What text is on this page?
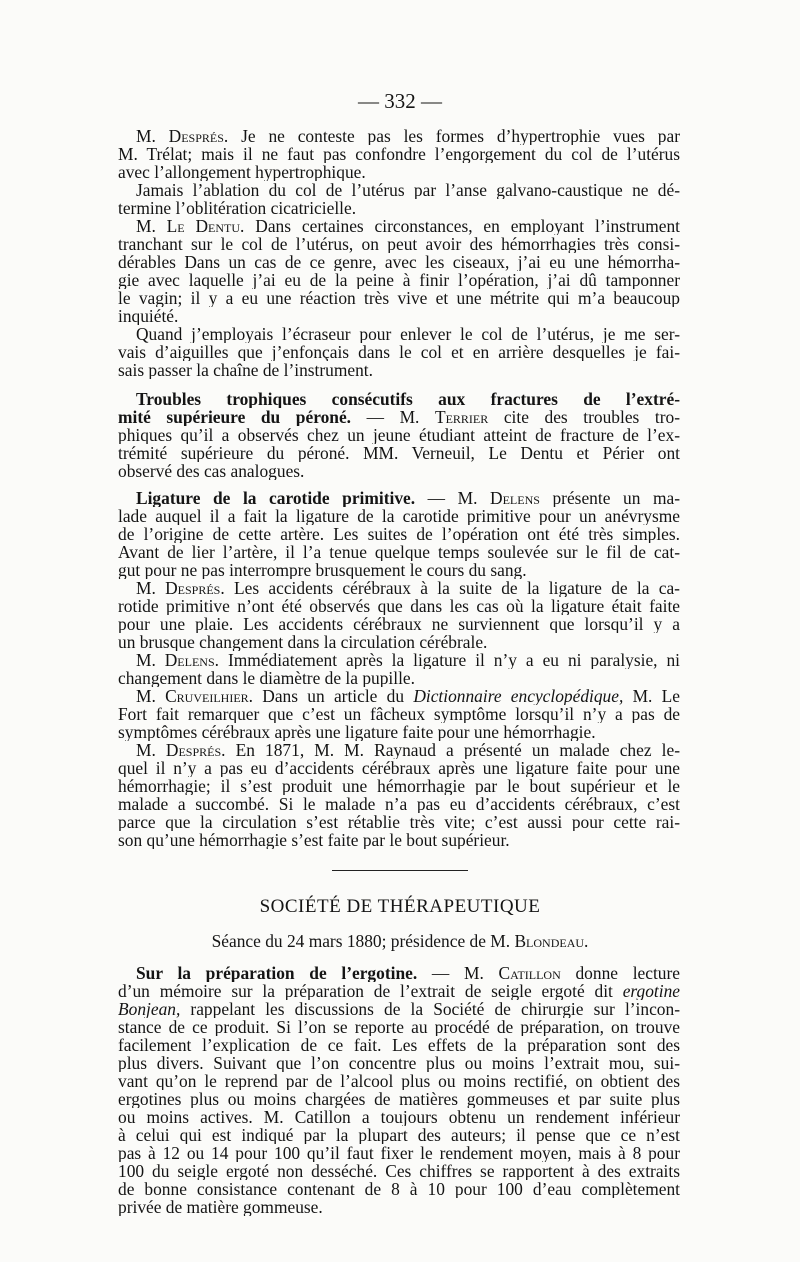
— 332 —
M. Després. Je ne conteste pas les formes d’hypertrophie vues par
M. Trélat; mais il ne faut pas confondre l’engorgement du col de l’utérus
avec l’allongement hypertrophique.
Jamais l’ablation du col de l’utérus par l’anse galvano-caustique ne dé-
termine l’oblitération cicatricielle.
M. Le Dentu. Dans certaines circonstances, en employant l’instrument
tranchant sur le col de l’utérus, on peut avoir des hémorrhagies très consi-
dérables Dans un cas de ce genre, avec les ciseaux, j’ai eu une hémorrha-
gie avec laquelle j’ai eu de la peine à finir l’opération, j’ai dû tamponner
le vagin; il y a eu une réaction très vive et une métrite qui m’a beaucoup
inquiété.
Quand j’employais l’écraseur pour enlever le col de l’utérus, je me ser-
vais d’aiguilles que j’enfonçais dans le col et en arrière desquelles je fai-
sais passer la chaîne de l’instrument.
Troubles trophiques consécutifs aux fractures de l’extré-
mité supérieure du péroné. — M. Terrier cite des troubles tro-
phiques qu’il a observés chez un jeune étudiant atteint de fracture de l’ex-
trémité supérieure du péroné. MM. Verneuil, Le Dentu et Périer ont
observé des cas analogues.
Ligature de la carotide primitive. — M. Delens présente un ma-
lade auquel il a fait la ligature de la carotide primitive pour un anévrysme
de l’origine de cette artère. Les suites de l’opération ont été très simples.
Avant de lier l’artère, il l’a tenue quelque temps soulevée sur le fil de cat-
gut pour ne pas interrompre brusquement le cours du sang.
M. Després. Les accidents cérébraux à la suite de la ligature de la ca-
rotide primitive n’ont été observés que dans les cas où la ligature était faite
pour une plaie. Les accidents cérébraux ne surviennent que lorsqu’il y a
un brusque changement dans la circulation cérébrale.
M. Delens. Immédiatement après la ligature il n’y a eu ni paralysie, ni
changement dans le diamètre de la pupille.
M. Cruveilhier. Dans un article du Dictionnaire encyclopédique, M. Le
Fort fait remarquer que c’est un fâcheux symptôme lorsqu’il n’y a pas de
symptômes cérébraux après une ligature faite pour une hémorrhagie.
M. Després. En 1871, M. M. Raynaud a présenté un malade chez le-
quel il n’y a pas eu d’accidents cérébraux après une ligature faite pour une
hémorrhagie; il s’est produit une hémorrhagie par le bout supérieur et le
malade a succombé. Si le malade n’a pas eu d’accidents cérébraux, c’est
parce que la circulation s’est rétablie très vite; c’est aussi pour cette rai-
son qu’une hémorrhagie s’est faite par le bout supérieur.
SOCIÉTÉ DE THÉRAPEUTIQUE
Séance du 24 mars 1880; présidence de M. Blondeau.
Sur la préparation de l’ergotine. — M. Catillon donne lecture
d’un mémoire sur la préparation de l’extrait de seigle ergoté dit ergotine
Bonjean, rappelant les discussions de la Société de chirurgie sur l’incon-
stance de ce produit. Si l’on se reporte au procédé de préparation, on trouve
facilement l’explication de ce fait. Les effets de la préparation sont des
plus divers. Suivant que l’on concentre plus ou moins l’extrait mou, sui-
vant qu’on le reprend par de l’alcool plus ou moins rectifié, on obtient des
ergotines plus ou moins chargées de matières gommeuses et par suite plus
ou moins actives. M. Catillon a toujours obtenu un rendement inférieur
à celui qui est indiqué par la plupart des auteurs; il pense que ce n’est
pas à 12 ou 14 pour 100 qu’il faut fixer le rendement moyen, mais à 8 pour
100 du seigle ergoté non desséché. Ces chiffres se rapportent à des extraits
de bonne consistance contenant de 8 à 10 pour 100 d’eau complètement
privée de matière gommeuse.
